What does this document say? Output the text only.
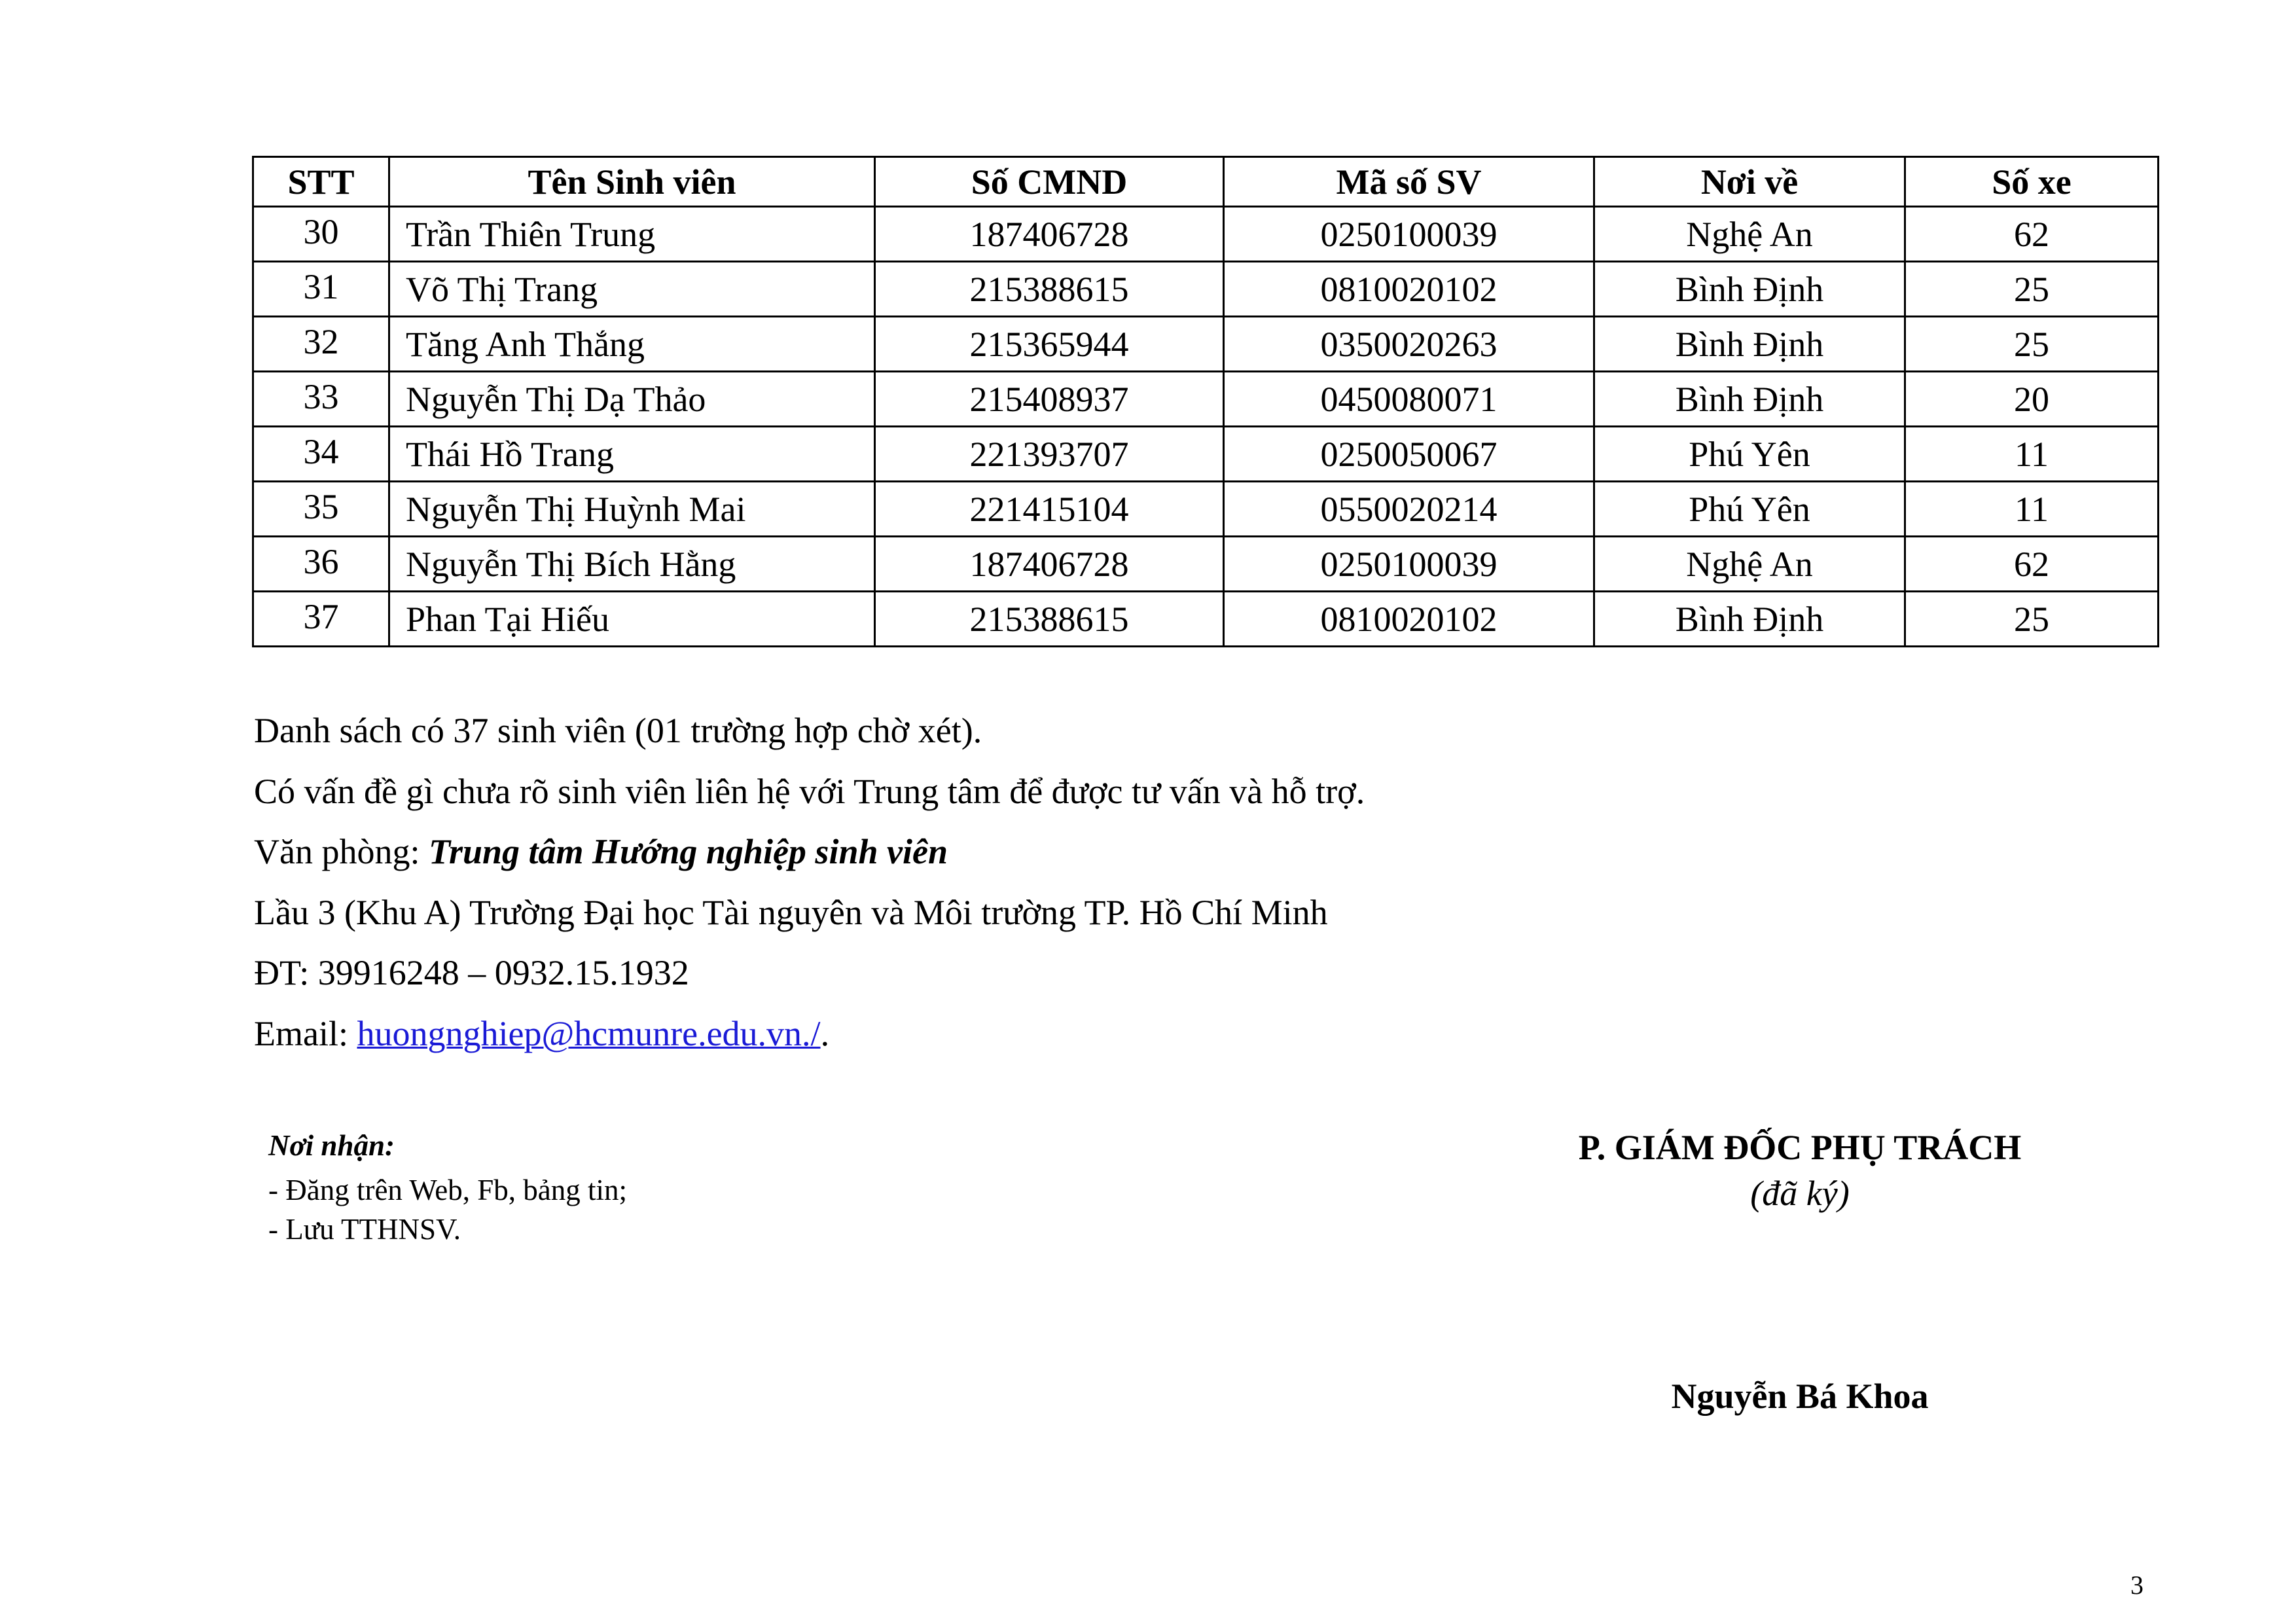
STT	Tên Sinh viên	Số CMND	Mã số SV	Nơi về	Số xe
30	Trần Thiên Trung	187406728	0250100039	Nghệ An	62
31	Võ Thị Trang	215388615	0810020102	Bình Định	25
32	Tăng Anh Thắng	215365944	0350020263	Bình Định	25
33	Nguyễn Thị Dạ Thảo	215408937	0450080071	Bình Định	20
34	Thái Hồ Trang	221393707	0250050067	Phú Yên	11
35	Nguyễn Thị Huỳnh Mai	221415104	0550020214	Phú Yên	11
36	Nguyễn Thị Bích Hằng	187406728	0250100039	Nghệ An	62
37	Phan Tại Hiếu	215388615	0810020102	Bình Định	25

Danh sách có 37 sinh viên (01 trường hợp chờ xét).

Có vấn đề gì chưa rõ sinh viên liên hệ với Trung tâm để được tư vấn và hỗ trợ.

Văn phòng: Trung tâm Hướng nghiệp sinh viên

Lầu 3 (Khu A) Trường Đại học Tài nguyên và Môi trường TP. Hồ Chí Minh

ĐT: 39916248 – 0932.15.1932

Email: huongnghiep@hcmunre.edu.vn./.

Nơi nhận:

- Đăng trên Web, Fb, bảng tin;

- Lưu TTHNSV.

P. GIÁM ĐỐC PHỤ TRÁCH

(đã ký)

Nguyễn Bá Khoa

3
